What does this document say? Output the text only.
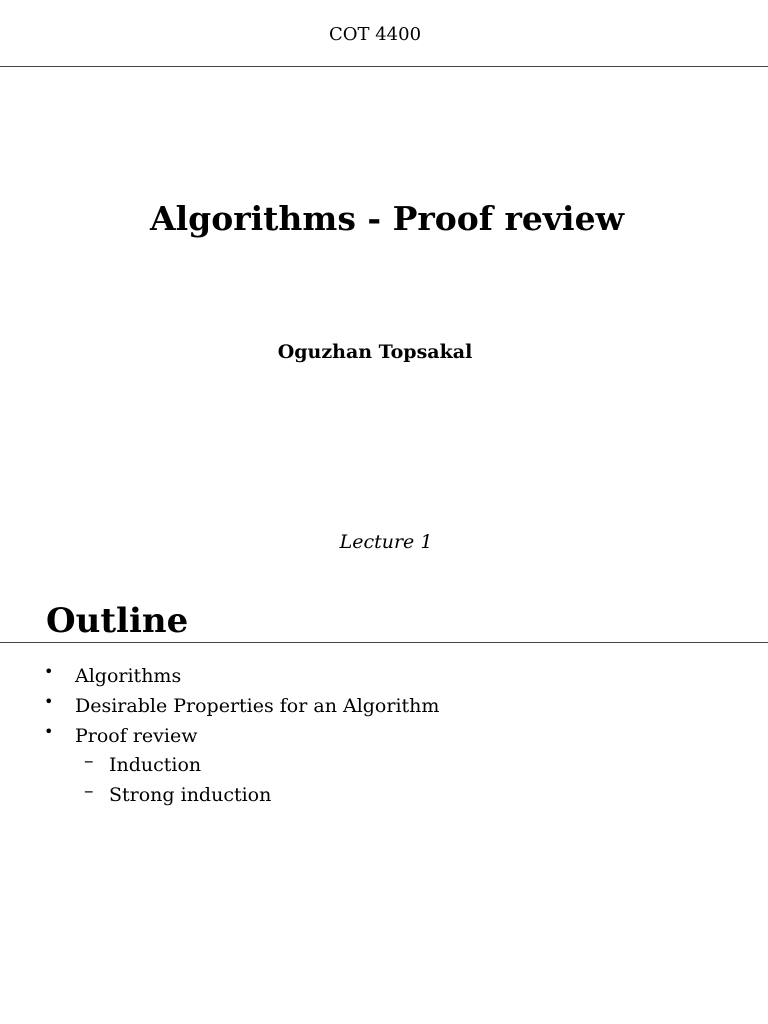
COT 4400
Algorithms - Proof review
Oguzhan Topsakal
Lecture 1
Outline
• Algorithms
• Desirable Properties for an Algorithm
• Proof review
– Induction
– Strong induction
